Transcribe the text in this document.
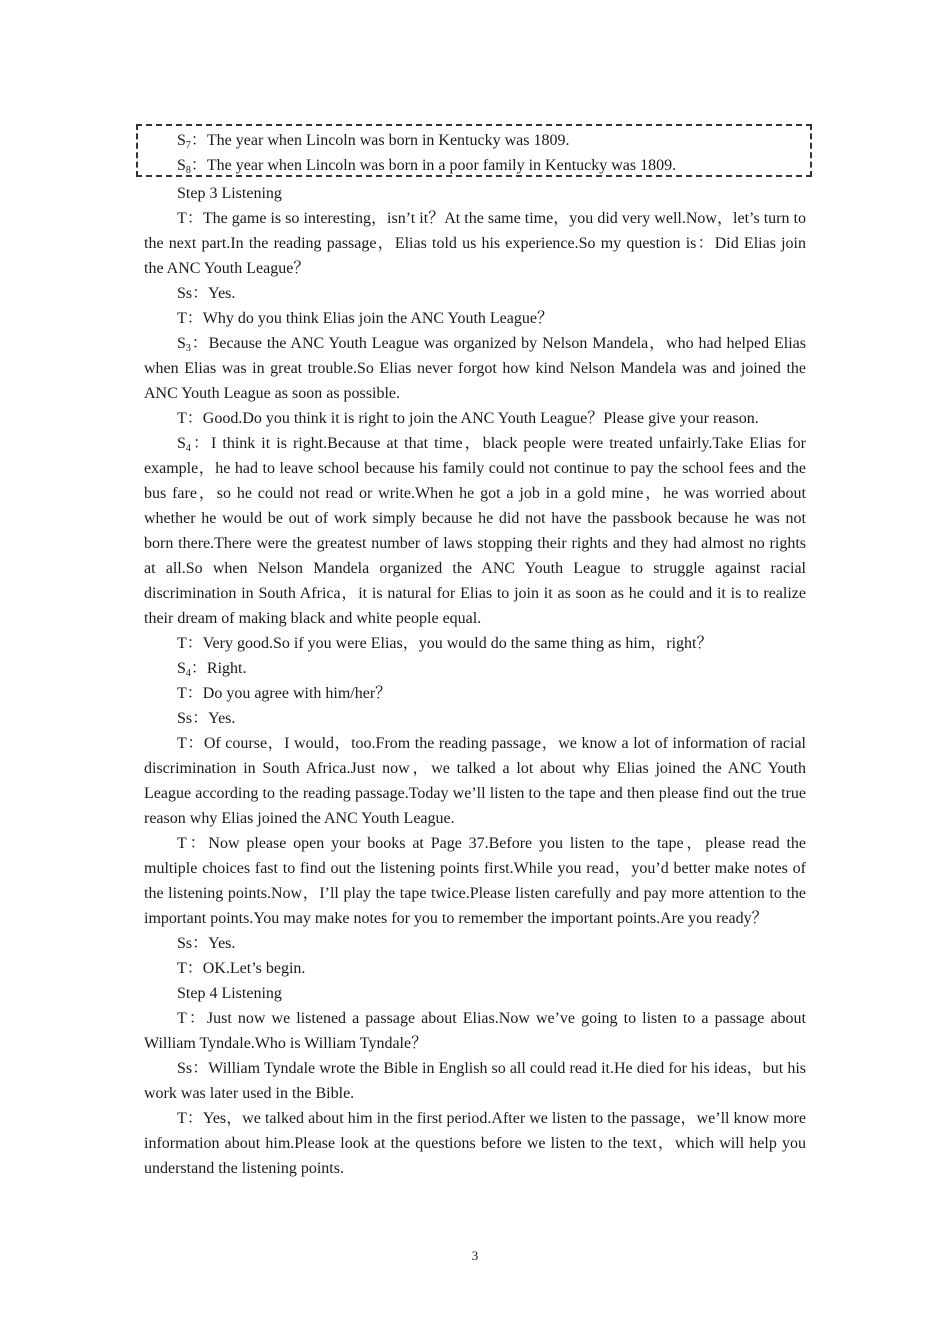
$S_7$：The year when Lincoln was born in Kentucky was 1809.

$S_8$：The year when Lincoln was born in a poor family in Kentucky was 1809.

Step 3 Listening

T：The game is so interesting，isn’t it？At the same time，you did very well.Now，let’s turn to the next part.In the reading passage，Elias told us his experience.So my question is：Did Elias join the ANC Youth League？

Ss：Yes.

T：Why do you think Elias join the ANC Youth League？

$S_3$：Because the ANC Youth League was organized by Nelson Mandela，who had helped Elias when Elias was in great trouble.So Elias never forgot how kind Nelson Mandela was and joined the ANC Youth League as soon as possible.

T：Good.Do you think it is right to join the ANC Youth League？Please give your reason.

$S_4$：I think it is right.Because at that time，black people were treated unfairly.Take Elias for example，he had to leave school because his family could not continue to pay the school fees and the bus fare，so he could not read or write.When he got a job in a gold mine，he was worried about whether he would be out of work simply because he did not have the passbook because he was not born there.There were the greatest number of laws stopping their rights and they had almost no rights at all.So when Nelson Mandela organized the ANC Youth League to struggle against racial discrimination in South Africa，it is natural for Elias to join it as soon as he could and it is to realize their dream of making black and white people equal.

T：Very good.So if you were Elias，you would do the same thing as him，right？

$S_4$：Right.

T：Do you agree with him/her？

Ss：Yes.

T：Of course，I would，too.From the reading passage，we know a lot of information of racial discrimination in South Africa.Just now，we talked a lot about why Elias joined the ANC Youth League according to the reading passage.Today we’ll listen to the tape and then please find out the true reason why Elias joined the ANC Youth League.

T：Now please open your books at Page 37.Before you listen to the tape，please read the multiple choices fast to find out the listening points first.While you read，you’d better make notes of the listening points.Now，I’ll play the tape twice.Please listen carefully and pay more attention to the important points.You may make notes for you to remember the important points.Are you ready？

Ss：Yes.

T：OK.Let’s begin.

Step 4 Listening

T：Just now we listened a passage about Elias.Now we’ve going to listen to a passage about William Tyndale.Who is William Tyndale？

Ss：William Tyndale wrote the Bible in English so all could read it.He died for his ideas，but his work was later used in the Bible.

T：Yes，we talked about him in the first period.After we listen to the passage，we’ll know more information about him.Please look at the questions before we listen to the text，which will help you understand the listening points.

3
